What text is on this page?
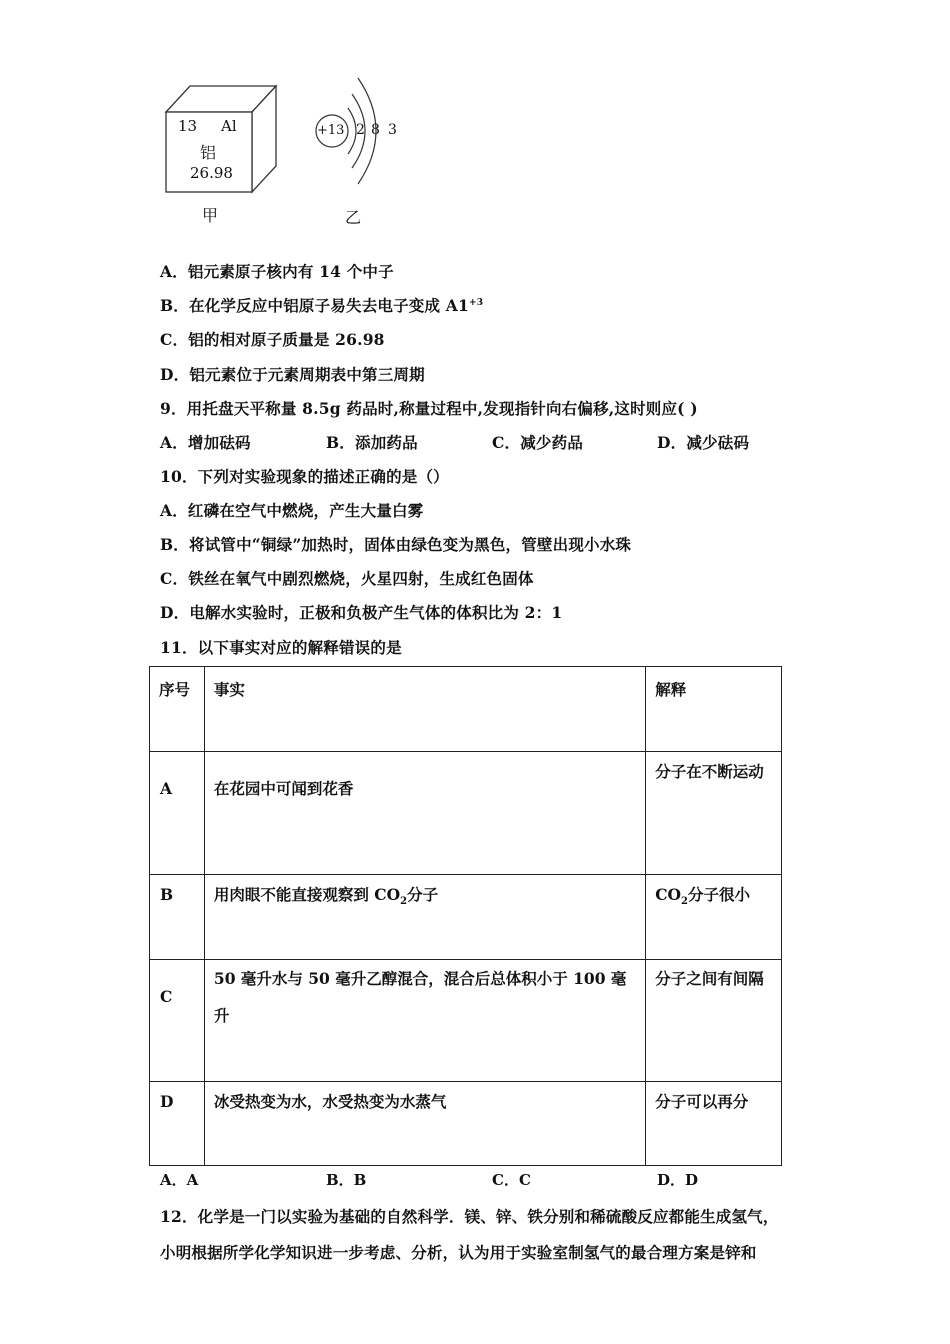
13 Al
铝
26.98
甲
+13 2 8 3
乙
A．铝元素原子核内有 14 个中子
B．在化学反应中铝原子易失去电子变成 $A1^{+3}$
C．铝的相对原子质量是 26.98
D．铝元素位于元素周期表中第三周期
9．用托盘天平称量 8.5g 药品时,称量过程中,发现指针向右偏移,这时则应( )
A．增加砝码	B．添加药品	C．减少药品	D．减少砝码
10．下列对实验现象的描述正确的是（）
A．红磷在空气中燃烧，产生大量白雾
B．将试管中“铜绿”加热时，固体由绿色变为黑色，管壁出现小水珠
C．铁丝在氧气中剧烈燃烧，火星四射，生成红色固体
D．电解水实验时，正极和负极产生气体的体积比为 2：1
11．以下事实对应的解释错误的是
序号	事实	解释

A	在花园中可闻到花香	分子在不断运动

B	用肉眼不能直接观察到 $CO_2$分子	$CO_2$分子很小

C	50 毫升水与 50 毫升乙醇混合，混合后总体积小于 100 毫升	分子之间有间隔

D	冰受热变为水，水受热变为水蒸气	分子可以再分
A．A	B．B	C．C	D．D
12．化学是一门以实验为基础的自然科学．镁、锌、铁分别和稀硫酸反应都能生成氢气，
小明根据所学化学知识进一步考虑、分析，认为用于实验室制氢气的最合理方案是锌和
